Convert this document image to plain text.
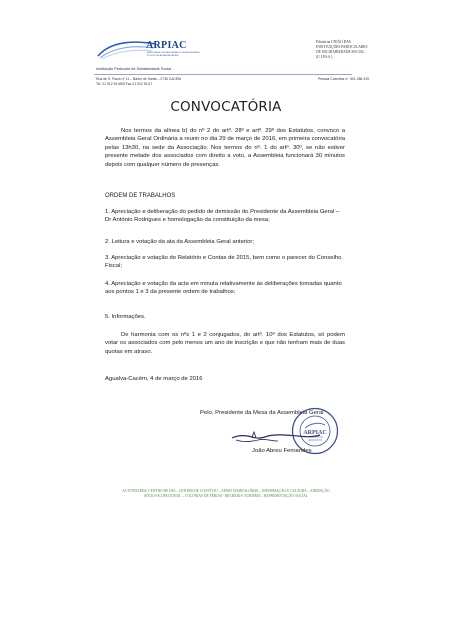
ARPIAC
ASSOCIAÇÃO DE REFORMADOS PENSIONISTAS E IDOSOS DE AGUALVA-CACÉM
Instituição Particular de Solidariedade Social
Filiada na UNIÃO DAS
INSTITUIÇÕES PARTICULARES
DE SOLIDARIEDADE SOCIAL
(U.I.P.S.S.)
Rua de S. Paulo nº 11 – Bairro de Santa – 2735 CACÉM
Tel. 21 912 94 68/5 Fax 21 912 94 67
Pessoa Colectiva nº. 501 286 419
CONVOCATÓRIA
Nos termos da alínea b) do nº 2 do artº. 28º e artº. 29º dos Estatutos, convoco a Assembleia Geral Ordinária a reunir no dia 29 de março de 2016, em primeira convocatória pelas 13h30, na sede da Associação. Nos termos do nº. 1 do artº. 30º, se não estiver presente metade dos associados com direito a voto, a Assembleia funcionará 30 minutos depois com qualquer número de presenças.
ORDEM DE TRABALHOS
1. Apreciação e deliberação do pedido de demissão do Presidente da Assembleia Geral – Dr António Rodrigues e homologação da constituição da mesa;
2. Leitura e votação da ata da Assembleia Geral anterior;
3. Apreciação e votação do Relatório e Contas de 2015, bem como o parecer do Conselho Fiscal;
4. Apreciação e votação da acta em minuta relativamente às deliberações tomadas quanto aos pontos 1 e 3 da presente ordem de trabalhos;
5. Informações.
De harmonia com os nºs 1 e 2 conjugados, do artº. 10º dos Estatutos, só podem votar os associados com pelo menos um ano de inscrição e que não tenham mais de duas quotas em atraso.
Agualva-Cacém, 4 de março de 2016
Pelo, Presidente da Mesa da Assembleia Geral
João Abreu Fernandes
ARPIAC
ACTIVIDADES: CENTRO DE DIA – CENTRO DE CONVÍVIO – APOIO DOMICILIÁRIO – INFORMAÇÃO E CULTURA – ANIMAÇÃO
SÓCIO-OCUPACIONAL – COLÓNIAS DE FÉRIAS - RECREIO E TURISMO – REPRESENTAÇÃO SOCIAL
